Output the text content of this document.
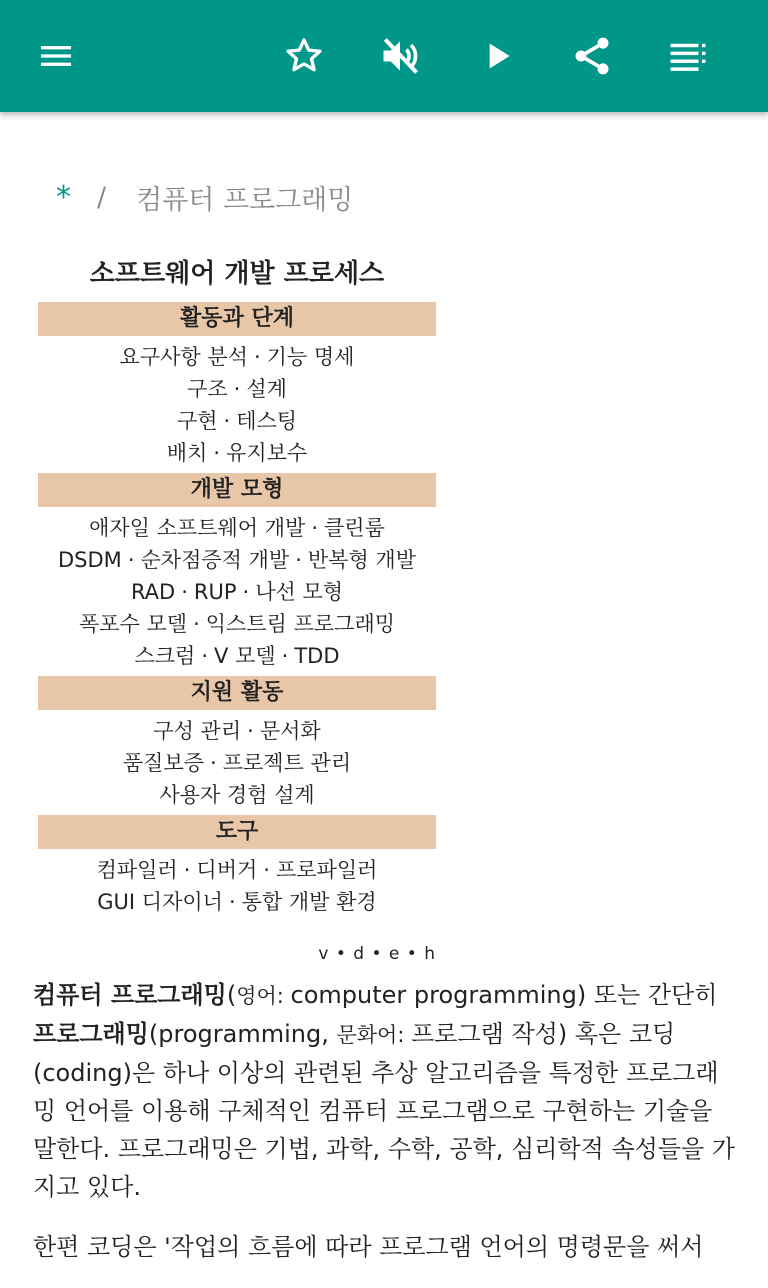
* / 컴퓨터 프로그래밍
소프트웨어 개발 프로세스
활동과 단계
요구사항 분석 · 기능 명세
구조 · 설계
구현 · 테스팅
배치 · 유지보수
개발 모형
애자일 소프트웨어 개발 · 클린룸
DSDM · 순차점증적 개발 · 반복형 개발
RAD · RUP · 나선 모형
폭포수 모델 · 익스트림 프로그래밍
스크럼 · V 모델 · TDD
지원 활동
구성 관리 · 문서화
품질보증 · 프로젝트 관리
사용자 경험 설계
도구
컴파일러 · 디버거 · 프로파일러
GUI 디자이너 · 통합 개발 환경
v • d • e • h

컴퓨터 프로그래밍(영어: computer programming) 또는 간단히 프로그래밍(programming, 문화어: 프로그램 작성) 혹은 코딩(coding)은 하나 이상의 관련된 추상 알고리즘을 특정한 프로그래밍 언어를 이용해 구체적인 컴퓨터 프로그램으로 구현하는 기술을 말한다. 프로그래밍은 기법, 과학, 수학, 공학, 심리학적 속성들을 가지고 있다.

한편 코딩은 '작업의 흐름에 따라 프로그램 언어의 명령문을 써서
